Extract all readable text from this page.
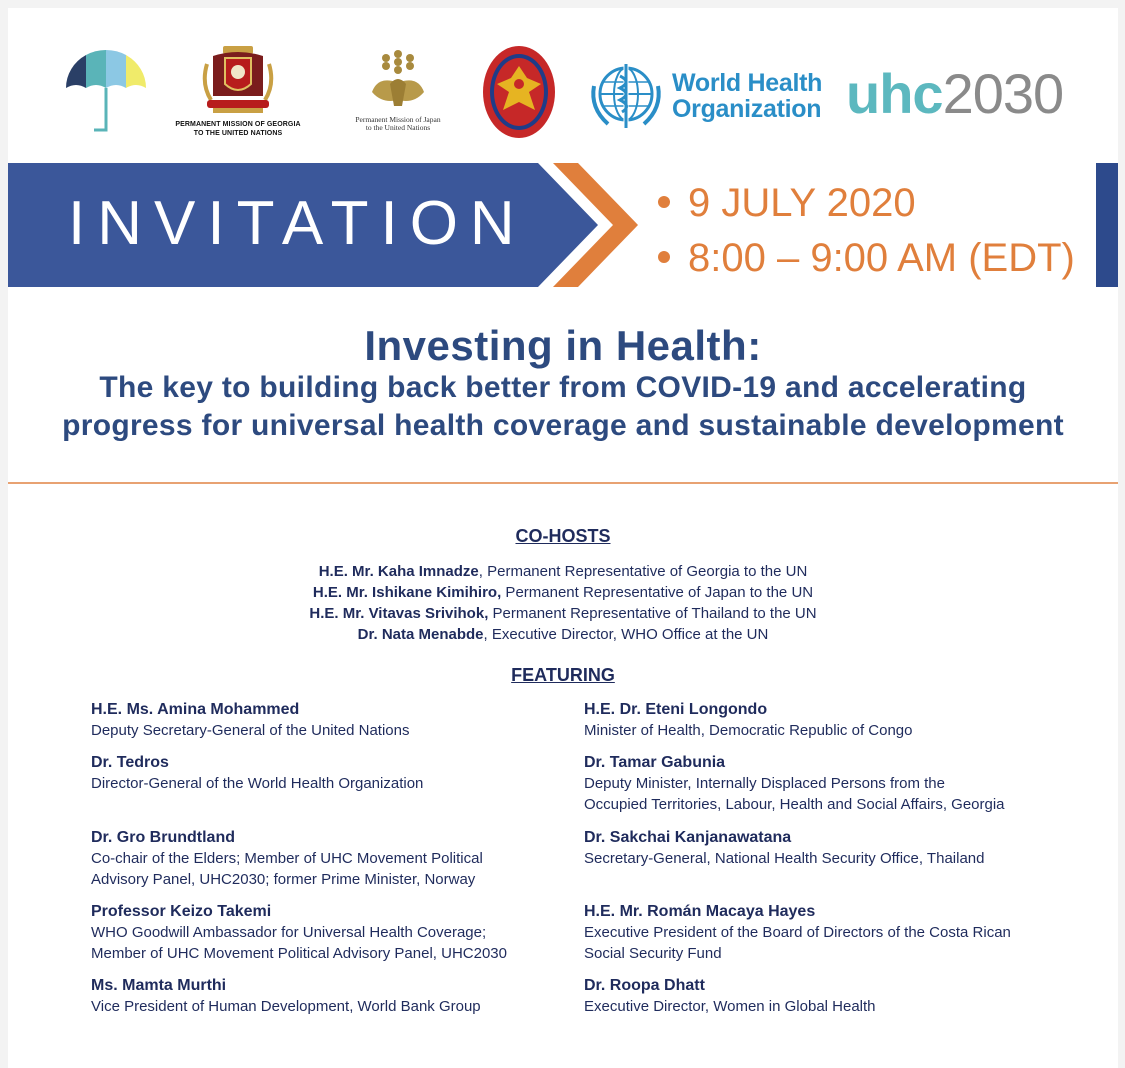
PERMANENT MISSION OF GEORGIA
TO THE UNITED NATIONS
Permanent Mission of Japan
to the United Nations
World Health
Organization uhc2030
INVITATION	9 JULY 2020
8:00 – 9:00 AM (EDT)
Investing in Health:
The key to building back better from COVID-19 and accelerating
progress for universal health coverage and sustainable development
CO-HOSTS
H.E. Mr. Kaha Imnadze, Permanent Representative of Georgia to the UN
H.E. Mr. Ishikane Kimihiro, Permanent Representative of Japan to the UN
H.E. Mr. Vitavas Srivihok, Permanent Representative of Thailand to the UN
Dr. Nata Menabde, Executive Director, WHO Office at the UN
FEATURING
H.E. Ms. Amina Mohammed
Deputy Secretary-General of the United Nations
Dr. Tedros
Director-General of the World Health Organization
Dr. Gro Brundtland
Co-chair of the Elders; Member of UHC Movement Political
Advisory Panel, UHC2030; former Prime Minister, Norway
Professor Keizo Takemi
WHO Goodwill Ambassador for Universal Health Coverage;
Member of UHC Movement Political Advisory Panel, UHC2030
Ms. Mamta Murthi
Vice President of Human Development, World Bank Group
H.E. Dr. Eteni Longondo
Minister of Health, Democratic Republic of Congo
Dr. Tamar Gabunia
Deputy Minister, Internally Displaced Persons from the
Occupied Territories, Labour, Health and Social Affairs, Georgia
Dr. Sakchai Kanjanawatana
Secretary-General, National Health Security Office, Thailand
H.E. Mr. Román Macaya Hayes
Executive President of the Board of Directors of the Costa Rican
Social Security Fund
Dr. Roopa Dhatt
Executive Director, Women in Global Health
